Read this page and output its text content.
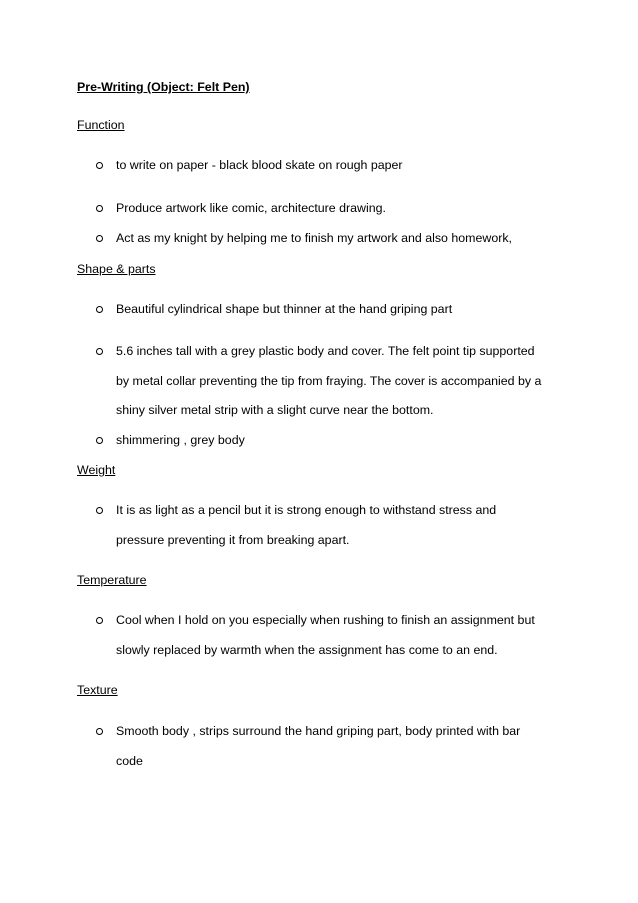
Pre-Writing (Object: Felt Pen)
Function
to write on paper - black blood skate on rough paper
Produce artwork like comic, architecture drawing.
Act as my knight by helping me to finish my artwork and also homework,
Shape & parts
Beautiful cylindrical shape but thinner at the hand griping part
5.6 inches tall with a grey plastic body and cover. The felt point tip supported
by metal collar preventing the tip from fraying. The cover is accompanied by a
shiny silver metal strip with a slight curve near the bottom.
shimmering , grey body
Weight
It is as light as a pencil but it is strong enough to withstand stress and
pressure preventing it from breaking apart.
Temperature
Cool when I hold on you especially when rushing to finish an assignment but
slowly replaced by warmth when the assignment has come to an end.
Texture
Smooth body , strips surround the hand griping part, body printed with bar
code
